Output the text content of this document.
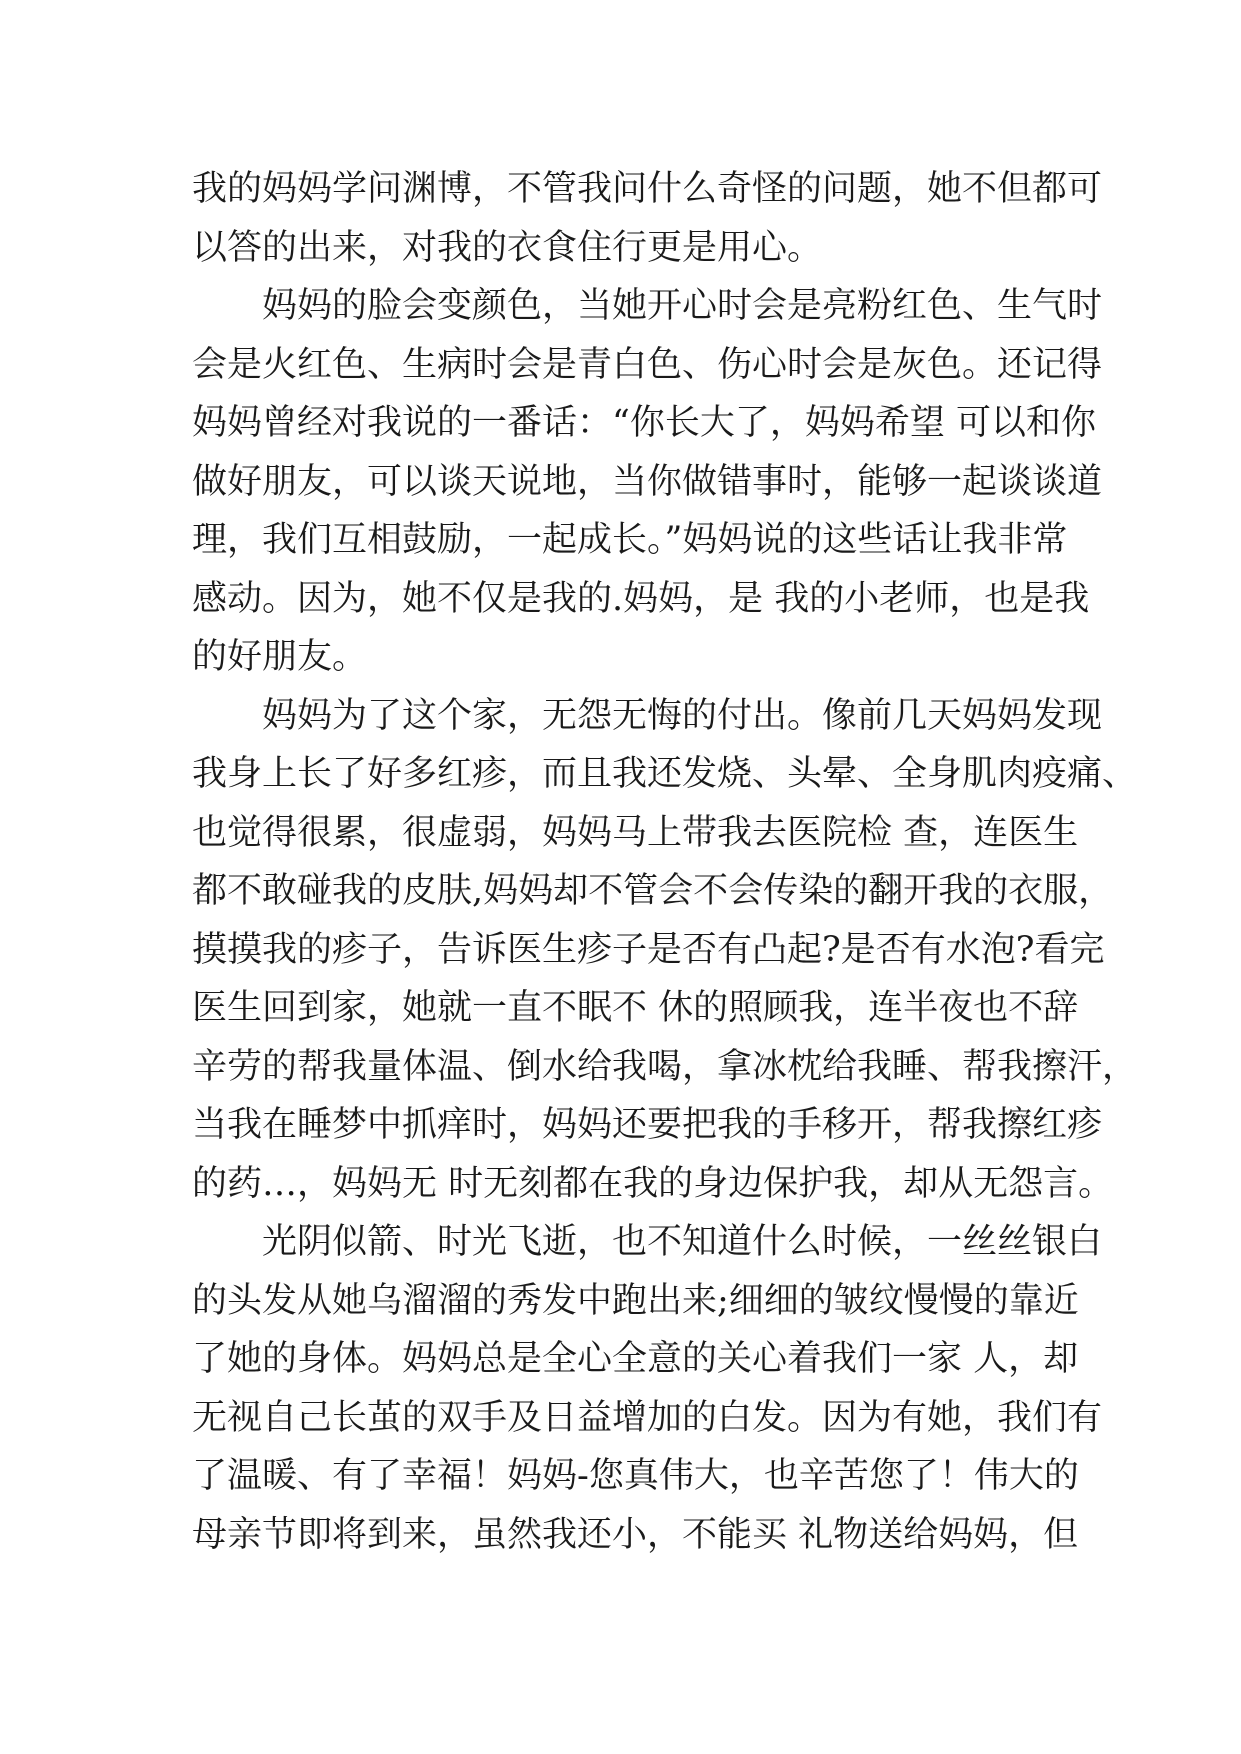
我的妈妈学问渊博，不管我问什么奇怪的问题，她不但都可
以答的出来，对我的衣食住行更是用心。
妈妈的脸会变颜色，当她开心时会是亮粉红色、生气时
会是火红色、生病时会是青白色、伤心时会是灰色。还记得
妈妈曾经对我说的一番话：“你长大了，妈妈希望 可以和你
做好朋友，可以谈天说地，当你做错事时，能够一起谈谈道
理，我们互相鼓励，一起成长。”妈妈说的这些话让我非常
感动。因为，她不仅是我的.妈妈，是 我的小老师，也是我
的好朋友。
妈妈为了这个家，无怨无悔的付出。像前几天妈妈发现
我身上长了好多红疹，而且我还发烧、头晕、全身肌肉疫痛、
也觉得很累，很虚弱，妈妈马上带我去医院检 查，连医生
都不敢碰我的皮肤,妈妈却不管会不会传染的翻开我的衣服，
摸摸我的疹子，告诉医生疹子是否有凸起?是否有水泡?看完
医生回到家，她就一直不眠不 休的照顾我，连半夜也不辞
辛劳的帮我量体温、倒水给我喝，拿冰枕给我睡、帮我擦汗，
当我在睡梦中抓痒时，妈妈还要把我的手移开，帮我擦红疹
的药…，妈妈无 时无刻都在我的身边保护我，却从无怨言。
光阴似箭、时光飞逝，也不知道什么时候，一丝丝银白
的头发从她乌溜溜的秀发中跑出来;细细的皱纹慢慢的靠近
了她的身体。妈妈总是全心全意的关心着我们一家 人，却
无视自己长茧的双手及日益增加的白发。因为有她，我们有
了温暖、有了幸福！妈妈-您真伟大，也辛苦您了！伟大的
母亲节即将到来，虽然我还小，不能买 礼物送给妈妈，但
